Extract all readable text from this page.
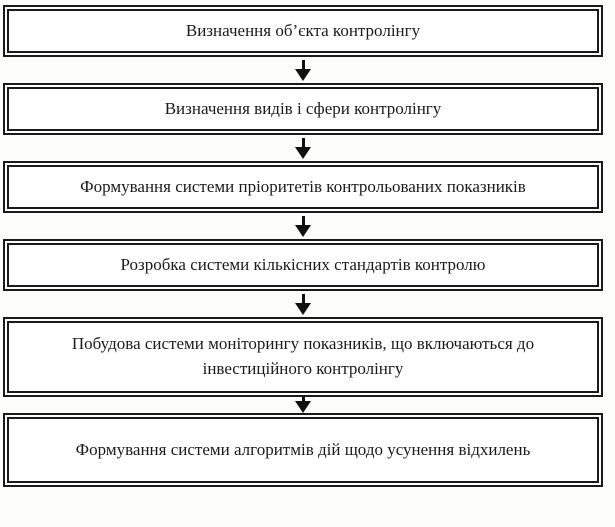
Визначення об’єкта контролінгу
Визначення видів і сфери контролінгу
Формування системи пріоритетів контрольованих показників
Розробка системи кількісних стандартів контролю
Побудова системи моніторингу показників, що включаються до інвестиційного контролінгу
Формування системи алгоритмів дій щодо усунення відхилень
